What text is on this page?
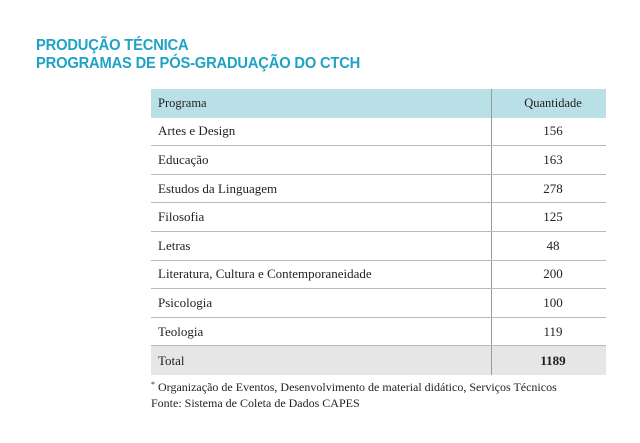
PRODUÇÃO TÉCNICA
PROGRAMAS DE PÓS-GRADUAÇÃO DO CTCH
Programa	Quantidade
Artes e Design	156
Educação	163
Estudos da Linguagem	278
Filosofia	125
Letras	48
Literatura, Cultura e Contemporaneidade	200
Psicologia	100
Teologia	119
Total	1189
* Organização de Eventos, Desenvolvimento de material didático, Serviços Técnicos
Fonte: Sistema de Coleta de Dados CAPES
